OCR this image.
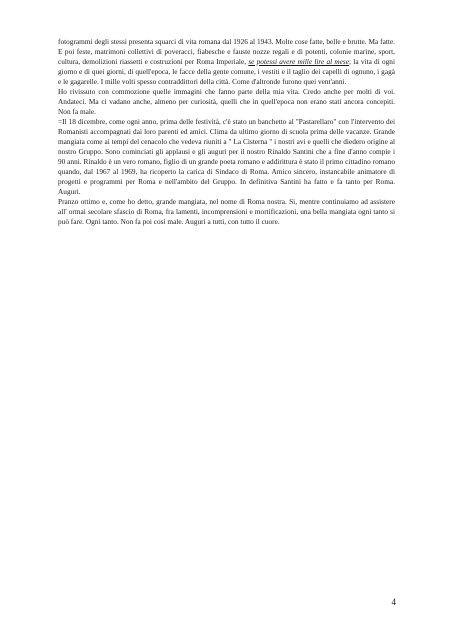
fotogrammi degli stessi presenta squarci di vita romana dal 1926 al 1943. Molte cose fatte, belle e brutte. Ma fatte. E poi feste, matrimoni collettivi di poveracci, fiabesche e fauste nozze regali e di potenti, colonie marine, sport, cultura, demolizioni riassetti e costruzioni per Roma Imperiale, se potessi avere mille lire al mese; la vita di ogni giorno e di quei giorni, di quell'epoca, le facce della gente comune, i vestiti e il taglio dei capelli di ognuno, i gagà e le gagarelle. I mille volti spesso contraddittori della città. Come d'altronde furono quei vent'anni.

Ho rivissuto con commozione quelle immagini che fanno parte della mia vita. Credo anche per molti di voi. Andateci. Ma ci vadano anche, almeno per curiosità, quelli che in quell'epoca non erano stati ancora concepiti. Non fa male.

=Il 18 dicembre, come ogni anno, prima delle festività, c'è stato un banchetto al "Pastarellaro" con l'intervento dei Romanisti accompagnati dai loro parenti ed amici. Clima da ultimo giorno di scuola prima delle vacanze. Grande mangiata come ai tempi del cenacolo che vedeva riuniti a " La Cisterna " i nostri avi e quelli che diedero origine al nostro Gruppo. Sono cominciati gli applausi e gli auguri per il nostro Rinaldo Santini che a fine d'anno compie i 90 anni. Rinaldo è un vero romano, figlio di un grande poeta romano e addirittura è stato il primo cittadino romano quando, dal 1967 al 1969, ha ricoperto la carica di Sindaco di Roma. Amico sincero, instancabile animatore di progetti e programmi per Roma e nell'ambito del Gruppo. In definitiva Santini ha fatto e fa tanto per Roma. Auguri.

Pranzo ottimo e, come ho detto, grande mangiata, nel nome di Roma nostra. Si, mentre continuiamo ad assistere all' ormai secolare sfascio di Roma, fra lamenti, incomprensioni e mortificazioni, una bella mangiata ogni tanto si può fare. Ogni tanto. Non fa poi così male. Auguri a tutti, con tutto il cuore.

4
